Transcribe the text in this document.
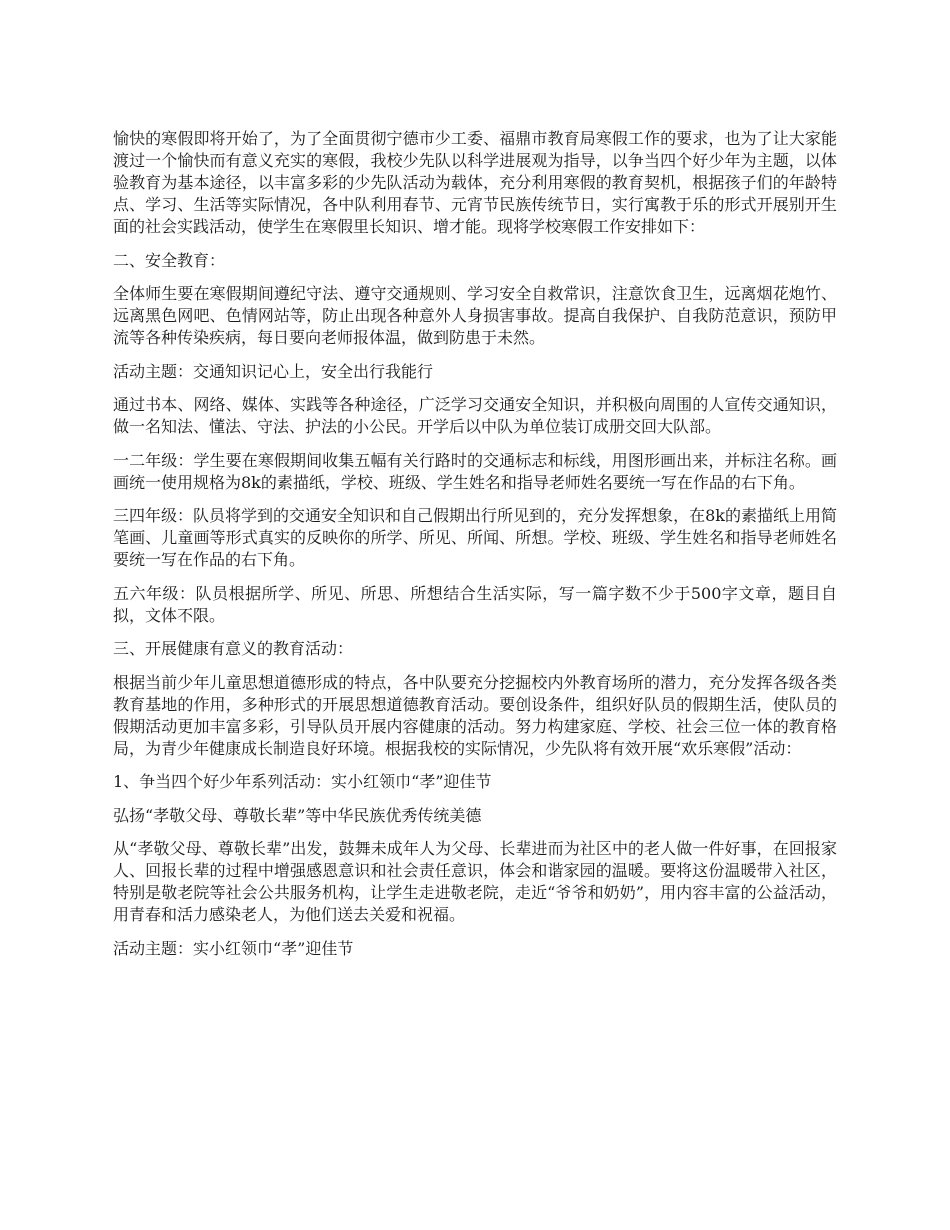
愉快的寒假即将开始了，为了全面贯彻宁德市少工委、福鼎市教育局寒假工作的要求，也为了让大家能渡过一个愉快而有意义充实的寒假，我校少先队以科学进展观为指导，以争当四个好少年为主题，以体验教育为基本途径，以丰富多彩的少先队活动为载体，充分利用寒假的教育契机，根据孩子们的年龄特点、学习、生活等实际情况，各中队利用春节、元宵节民族传统节日，实行寓教于乐的形式开展别开生面的社会实践活动，使学生在寒假里长知识、增才能。现将学校寒假工作安排如下：

二、安全教育：

全体师生要在寒假期间遵纪守法、遵守交通规则、学习安全自救常识，注意饮食卫生，远离烟花炮竹、远离黑色网吧、色情网站等，防止出现各种意外人身损害事故。提高自我保护、自我防范意识，预防甲流等各种传染疾病，每日要向老师报体温，做到防患于未然。

活动主题：交通知识记心上，安全出行我能行

通过书本、网络、媒体、实践等各种途径，广泛学习交通安全知识，并积极向周围的人宣传交通知识，做一名知法、懂法、守法、护法的小公民。开学后以中队为单位装订成册交回大队部。

一二年级：学生要在寒假期间收集五幅有关行路时的交通标志和标线，用图形画出来，并标注名称。画画统一使用规格为8k的素描纸，学校、班级、学生姓名和指导老师姓名要统一写在作品的右下角。

三四年级：队员将学到的交通安全知识和自己假期出行所见到的，充分发挥想象，在8k的素描纸上用简笔画、儿童画等形式真实的反映你的所学、所见、所闻、所想。学校、班级、学生姓名和指导老师姓名要统一写在作品的右下角。

五六年级：队员根据所学、所见、所思、所想结合生活实际，写一篇字数不少于500字文章，题目自拟，文体不限。

三、开展健康有意义的教育活动：

根据当前少年儿童思想道德形成的特点，各中队要充分挖掘校内外教育场所的潜力，充分发挥各级各类教育基地的作用，多种形式的开展思想道德教育活动。要创设条件，组织好队员的假期生活，使队员的假期活动更加丰富多彩，引导队员开展内容健康的活动。努力构建家庭、学校、社会三位一体的教育格局，为青少年健康成长制造良好环境。根据我校的实际情况，少先队将有效开展“欢乐寒假”活动：

1、争当四个好少年系列活动：实小红领巾“孝”迎佳节

弘扬“孝敬父母、尊敬长辈”等中华民族优秀传统美德

从“孝敬父母、尊敬长辈”出发，鼓舞未成年人为父母、长辈进而为社区中的老人做一件好事，在回报家人、回报长辈的过程中增强感恩意识和社会责任意识，体会和谐家园的温暖。要将这份温暖带入社区，特别是敬老院等社会公共服务机构，让学生走进敬老院，走近“爷爷和奶奶”，用内容丰富的公益活动，用青春和活力感染老人，为他们送去关爱和祝福。

活动主题：实小红领巾“孝”迎佳节
